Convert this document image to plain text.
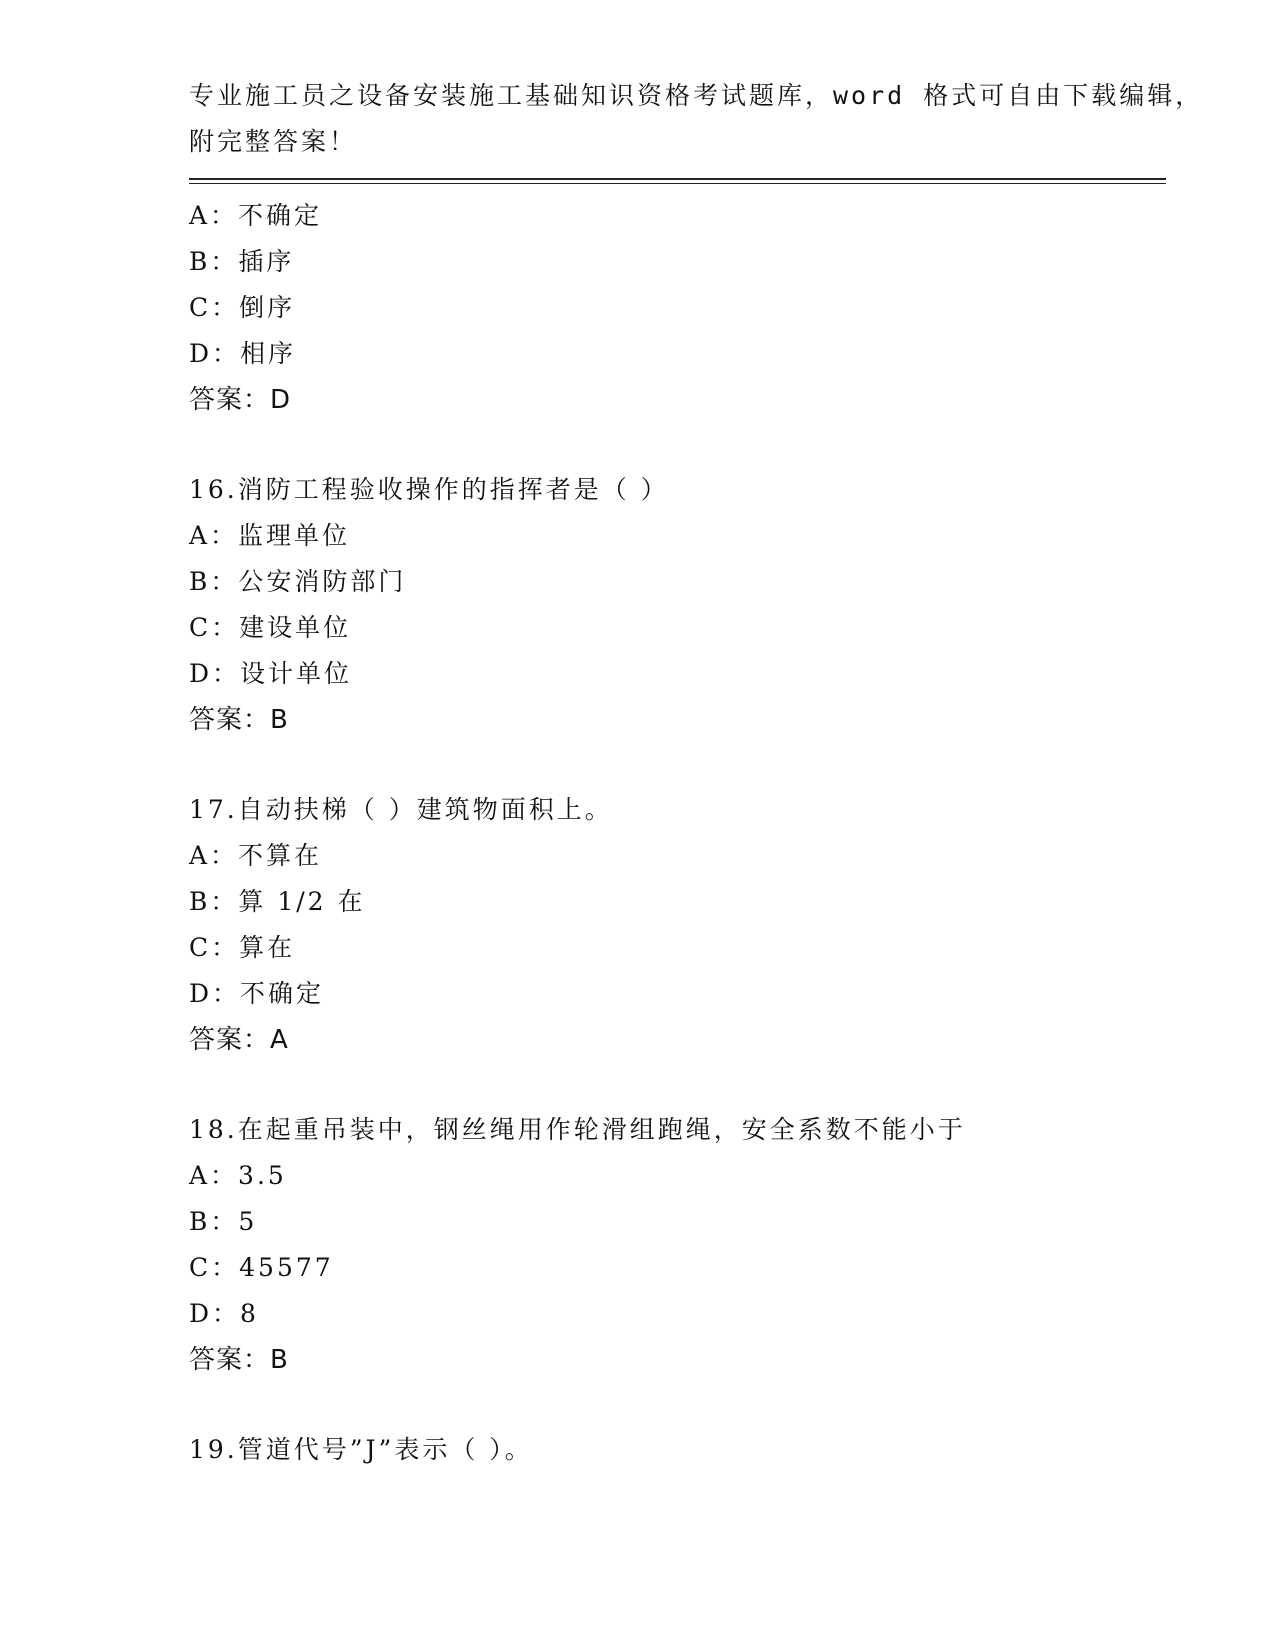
专业施工员之设备安装施工基础知识资格考试题库，word 格式可自由下载编辑，
附完整答案！
A：不确定
B：插序
C：倒序
D：相序
答案：D
16.消防工程验收操作的指挥者是（ ）
A：监理单位
B：公安消防部门
C：建设单位
D：设计单位
答案：B
17.自动扶梯（ ）建筑物面积上。
A：不算在
B：算 1/2 在
C：算在
D：不确定
答案：A
18.在起重吊装中，钢丝绳用作轮滑组跑绳，安全系数不能小于
A：3.5
B：5
C：45577
D：8
答案：B
19.管道代号”J”表示（ ）。
